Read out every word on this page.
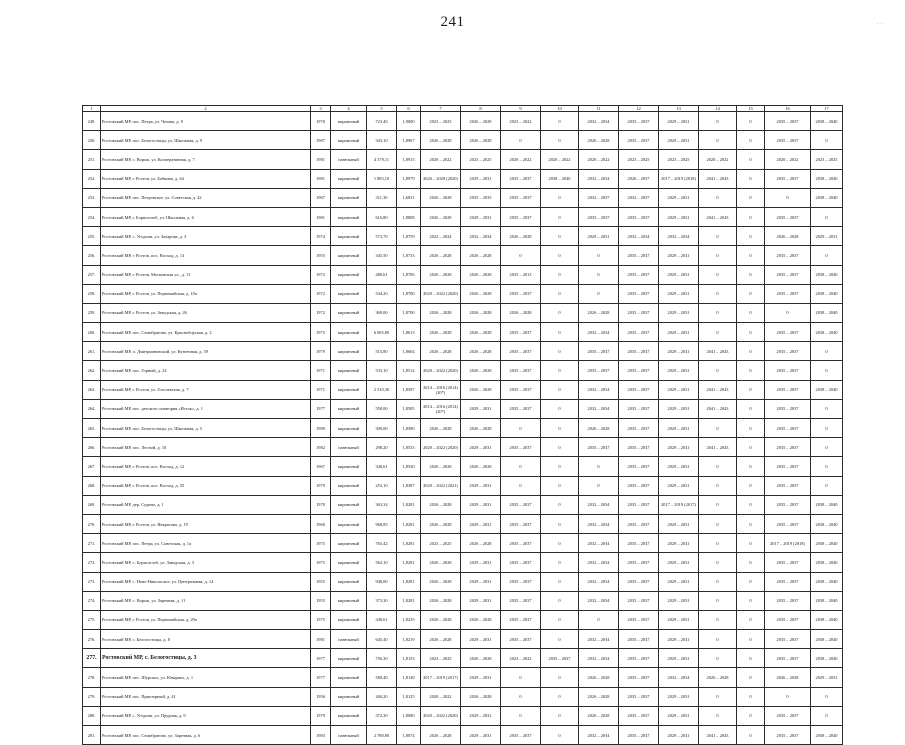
241	· ·
1	2	3	4	5	6	7	8	9	10	11	12	13	14	15	16	17
249.	Ростовский МР, пос. Петра, ул. Чехова, д. 9	1970	кирпичный	723,40	1,9000	2023 – 2025	2026 – 2028	2023 – 2022	0	2032 – 2034	2035 – 2037	2029 – 2031	0	0	2035 – 2037	2038 – 2040
250.	Ростовский МР, пос. Белогостицы, ул. Школьная, д. 9	1987	кирпичный	343,10	1,8967	2026 – 2028	2026 – 2028	0	0	2026 – 2028	2035 – 2037	2029 – 2031	0	0	2035 – 2037	0
251.	Ростовский МР, с. Ворож, ул. Кооперативная, д. 7	1981	панельный	4 379,11	1,8915	2020 – 2022	2023 – 2025	2020 – 2022	2020 – 2022	2020 – 2022	2023 – 2025	2023 – 2025	2020 – 2022	0	2020 – 2022	2023 – 2025
252.	Ростовский МР, г. Ростов, ул. Бабкина, д. 64	1981	кирпичный	1 883,10	1,8979	2026 – 2028 (2020)	2029 – 2031	2035 – 2037	2038 – 2040	2032 – 2034	2026 – 2037	2017 – 2019 (2018)	2041 – 2043	0	2035 – 2037	2038 – 2040
253.	Ростовский МР, пос. Петровское, ул. Советская, д. 42	1967	кирпичный	311,30	1,6831	2026 – 2028	2035 – 2035	2035 – 2037	0	2032 – 2037	2032 – 2037	2029 – 2031	0	0	0	2038 – 2040
254.	Ростовский МР, г. Борисоглеб, ул. Школьная, д. 6	1981	кирпичный	616,80	1,8808	2026 – 2028	2029 – 2031	2035 – 2037	0	2035 – 2037	2035 – 2037	2029 – 2031	2041 – 2043	0	2035 – 2037	0
255.	Ростовский МР, с. Угодичи, ул. Захарова, д. 3	1974	кирпичный	573,70	1,8759	2022 – 2024	2032 – 2034	2026 – 2028	0	2029 – 2031	2032 – 2034	2032 – 2034	0	0	2026 – 2028	2029 – 2031
256.	Ростовский МР, г. Ростов, пос. Восход, д. 13	1955	кирпичный	345,50	1,8733	2026 – 2028	2026 – 2028	0	0	0	2035 – 2037	2029 – 2031	0	0	2035 – 2037	0
257.	Ростовский МР, г. Ростов, Московская ул., д. 11	1972	кирпичный	480,61	1,8706	2026 – 2028	2026 – 2028	2035 – 2013	0	0	2035 – 2037	2029 – 2031	0	0	2035 – 2037	2038 – 2040
258.	Ростовский МР, г. Ростов, ул. Первомайская, д. 10а	1972	кирпичный	544,20	1,8700	2020 – 2022 (2020)	2026 – 2028	2035 – 2037	0	0	2035 – 2037	2029 – 2031	0	0	2035 – 2037	2038 – 2040
259.	Ростовский МР, г. Ростов, ул. Заводская, д. 26	1972	кирпичный	369,00	1,8700	2026 – 2028	2026 – 2028	2026 – 2028	0	2026 – 2028	2035 – 2037	2029 – 2031	0	0	0	2038 – 2040
260.	Ростовский МР, пос. Семибратово, ул. Красноборская, д. 2	1975	кирпичный	6 065,80	1,8613	2026 – 2028	2026 – 2028	2035 – 2037	0	2032 – 2034	2035 – 2037	2029 – 2031	0	0	2035 – 2037	2038 – 2040
261.	Ростовский МР, п. Дмитриановский, ул. Кузнечная, д. 39	1979	кирпичный	515,80	1,8604	2026 – 2028	2026 – 2028	2035 – 2037	0	2035 – 2037	2035 – 2037	2029 – 2031	2041 – 2043	0	2035 – 2037	0
262.	Ростовский МР, пос. Горный, д. 24	1971	кирпичный	533,10	1,8514	2020 – 2022 (2020)	2026 – 2028	2035 – 2037	0	2035 – 2037	2035 – 2037	2029 – 2031	0	0	2035 – 2037	0
263.	Ростовский МР, г. Ростов, ул. Гоголевская, д. 7	1971	кирпичный	2 310,30	1,8587	2014 – 2016 (2014) (20*)	2026 – 2028	2035 – 2037	0	2032 – 2034	2035 – 2037	2029 – 2031	2041 – 2043	0	2035 – 2037	2038 – 2040
264.	Ростовский МР, пос. детского санатория «Исток», д. 1	1977	кирпичный	558,00	1,8585	2014 – 2016 (2014) (20*)	2029 – 2031	2035 – 2037	0	2032 – 2034	2035 – 2037	2029 – 2031	2041 – 2043	0	2035 – 2037	0
265.	Ростовский МР, пос. Белогостицы, ул. Школьная, д. 5	1989	кирпичный	309,00	1,8580	2026 – 2028	2026 – 2028	0	0	2026 – 2028	2035 – 2037	2029 – 2031	0	0	2035 – 2037	0
266.	Ростовский МР, пос. Лесной, д. 10	1982	панельный	298,20	1,8533	2020 – 2022 (2020)	2029 – 2031	2035 – 2037	0	2035 – 2037	2035 – 2037	2029 – 2031	2041 – 2043	0	2035 – 2037	0
267.	Ростовский МР, г. Ростов, пос. Восход, д. 12	1967	кирпичный	348,61	1,8530	2026 – 2028	2026 – 2028	0	0	0	2035 – 2037	2029 – 2031	0	0	2035 – 2037	0
268.	Ростовский МР, г. Ростов, пос. Восход, д. 55	1979	кирпичный	253,10	1,8387	2020 – 2022 (2021)	2029 – 2031	0	0	0	2035 – 2037	2029 – 2031	0	0	2035 – 2037	0
269.	Ростовский МР, дер. Судино, д. 1	1970	кирпичный	363,34	1,8281	2026 – 2028	2029 – 2031	2035 – 2037	0	2032 – 2034	2035 – 2037	2017 – 2019 (2017)	0	0	2035 – 2037	2038 – 2040
270.	Ростовский МР, г. Ростов, ул. Некрасова, д. 19	1960	кирпичный	968,85	1,8281	2026 – 2028	2029 – 2031	2035 – 2037	0	2032 – 2034	2035 – 2037	2029 – 2031	0	0	2035 – 2037	2038 – 2040
271.	Ростовский МР, пос. Петра, ул. Советская, д. 1а	1975	кирпичный	765,42	1,8281	2023 – 2025	2026 – 2028	2035 – 2037	0	2032 – 2034	2035 – 2037	2029 – 2031	0	0	2017 – 2019 (2018)	2038 – 2040
272.	Ростовский МР, с. Борисоглеб, ул. Заводская, д. 3	1975	кирпичный	562,10	1,8281	2026 – 2028	2029 – 2031	2035 – 2037	0	2032 – 2034	2035 – 2037	2029 – 2031	0	0	2035 – 2037	2038 – 2040
273.	Ростовский МР, с. Ново-Никольское, ул. Центральная, д. 14	1955	кирпичный	948,00	1,8281	2026 – 2028	2029 – 2031	2035 – 2037	0	2032 – 2034	2035 – 2037	2029 – 2031	0	0	2035 – 2037	2038 – 2040
274.	Ростовский МР, с. Ворож, ул. Заречная, д. 11	1955	кирпичный	373,30	1,8281	2026 – 2028	2029 – 2031	2035 – 2037	0	2032 – 2034	2035 – 2037	2029 – 2031	0	0	2035 – 2037	2038 – 2040
275.	Ростовский МР, г. Ростов, ул. Первомайская, д. 29а	1975	кирпичный	348,61	1,8235	2026 – 2028	2026 – 2028	2035 – 2037	0	0	2035 – 2037	2029 – 2031	0	0	2035 – 2037	2038 – 2040
276.	Ростовский МР, с. Белогостицы, д. 8	1981	панельный	645,40	1,8219	2026 – 2028	2029 – 2031	2035 – 2037	0	2032 – 2034	2035 – 2037	2029 – 2031	0	0	2035 – 2037	2038 – 2040
277.	Ростовский МР, с. Белогостицы, д. 3	1977	кирпичный	756,30	1,8153	2023 – 2025	2026 – 2028	2023 – 2022	2035 – 2037	2032 – 2034	2035 – 2037	2029 – 2031	0	0	2035 – 2037	2038 – 2040
278.	Ростовский МР, пос. Шурскол, ул. Юкариал, д. 1	1977	кирпичный	580,40	1,8149	2017 – 2019 (2017)	2029 – 2031	0	0	2026 – 2028	2035 – 2037	2032 – 2034	2026 – 2028	0	2026 – 2028	2029 – 2031
279.	Ростовский МР, пос. Приозерный, д. 41	1956	кирпичный	260,20	1,8125	2020 – 2022	2026 – 2028	0	0	2026 – 2028	2035 – 2037	2029 – 2031	0	0	0	0
280.	Ростовский МР, с. Угодичи, ул. Прудная, д. 9	1979	кирпичный	372,30	1,8080	2020 – 2022 (2020)	2029 – 2031	0	0	2026 – 2028	2035 – 2037	2029 – 2031	0	0	2035 – 2037	0
281.	Ростовский МР, пос. Семибратово, ул. Заречная, д. 6	1983	панельный	2 780,80	1,8074	2026 – 2028	2029 – 2031	2035 – 2037	0	2032 – 2034	2035 – 2037	2029 – 2031	2041 – 2043	0	2035 – 2037	2038 – 2040
